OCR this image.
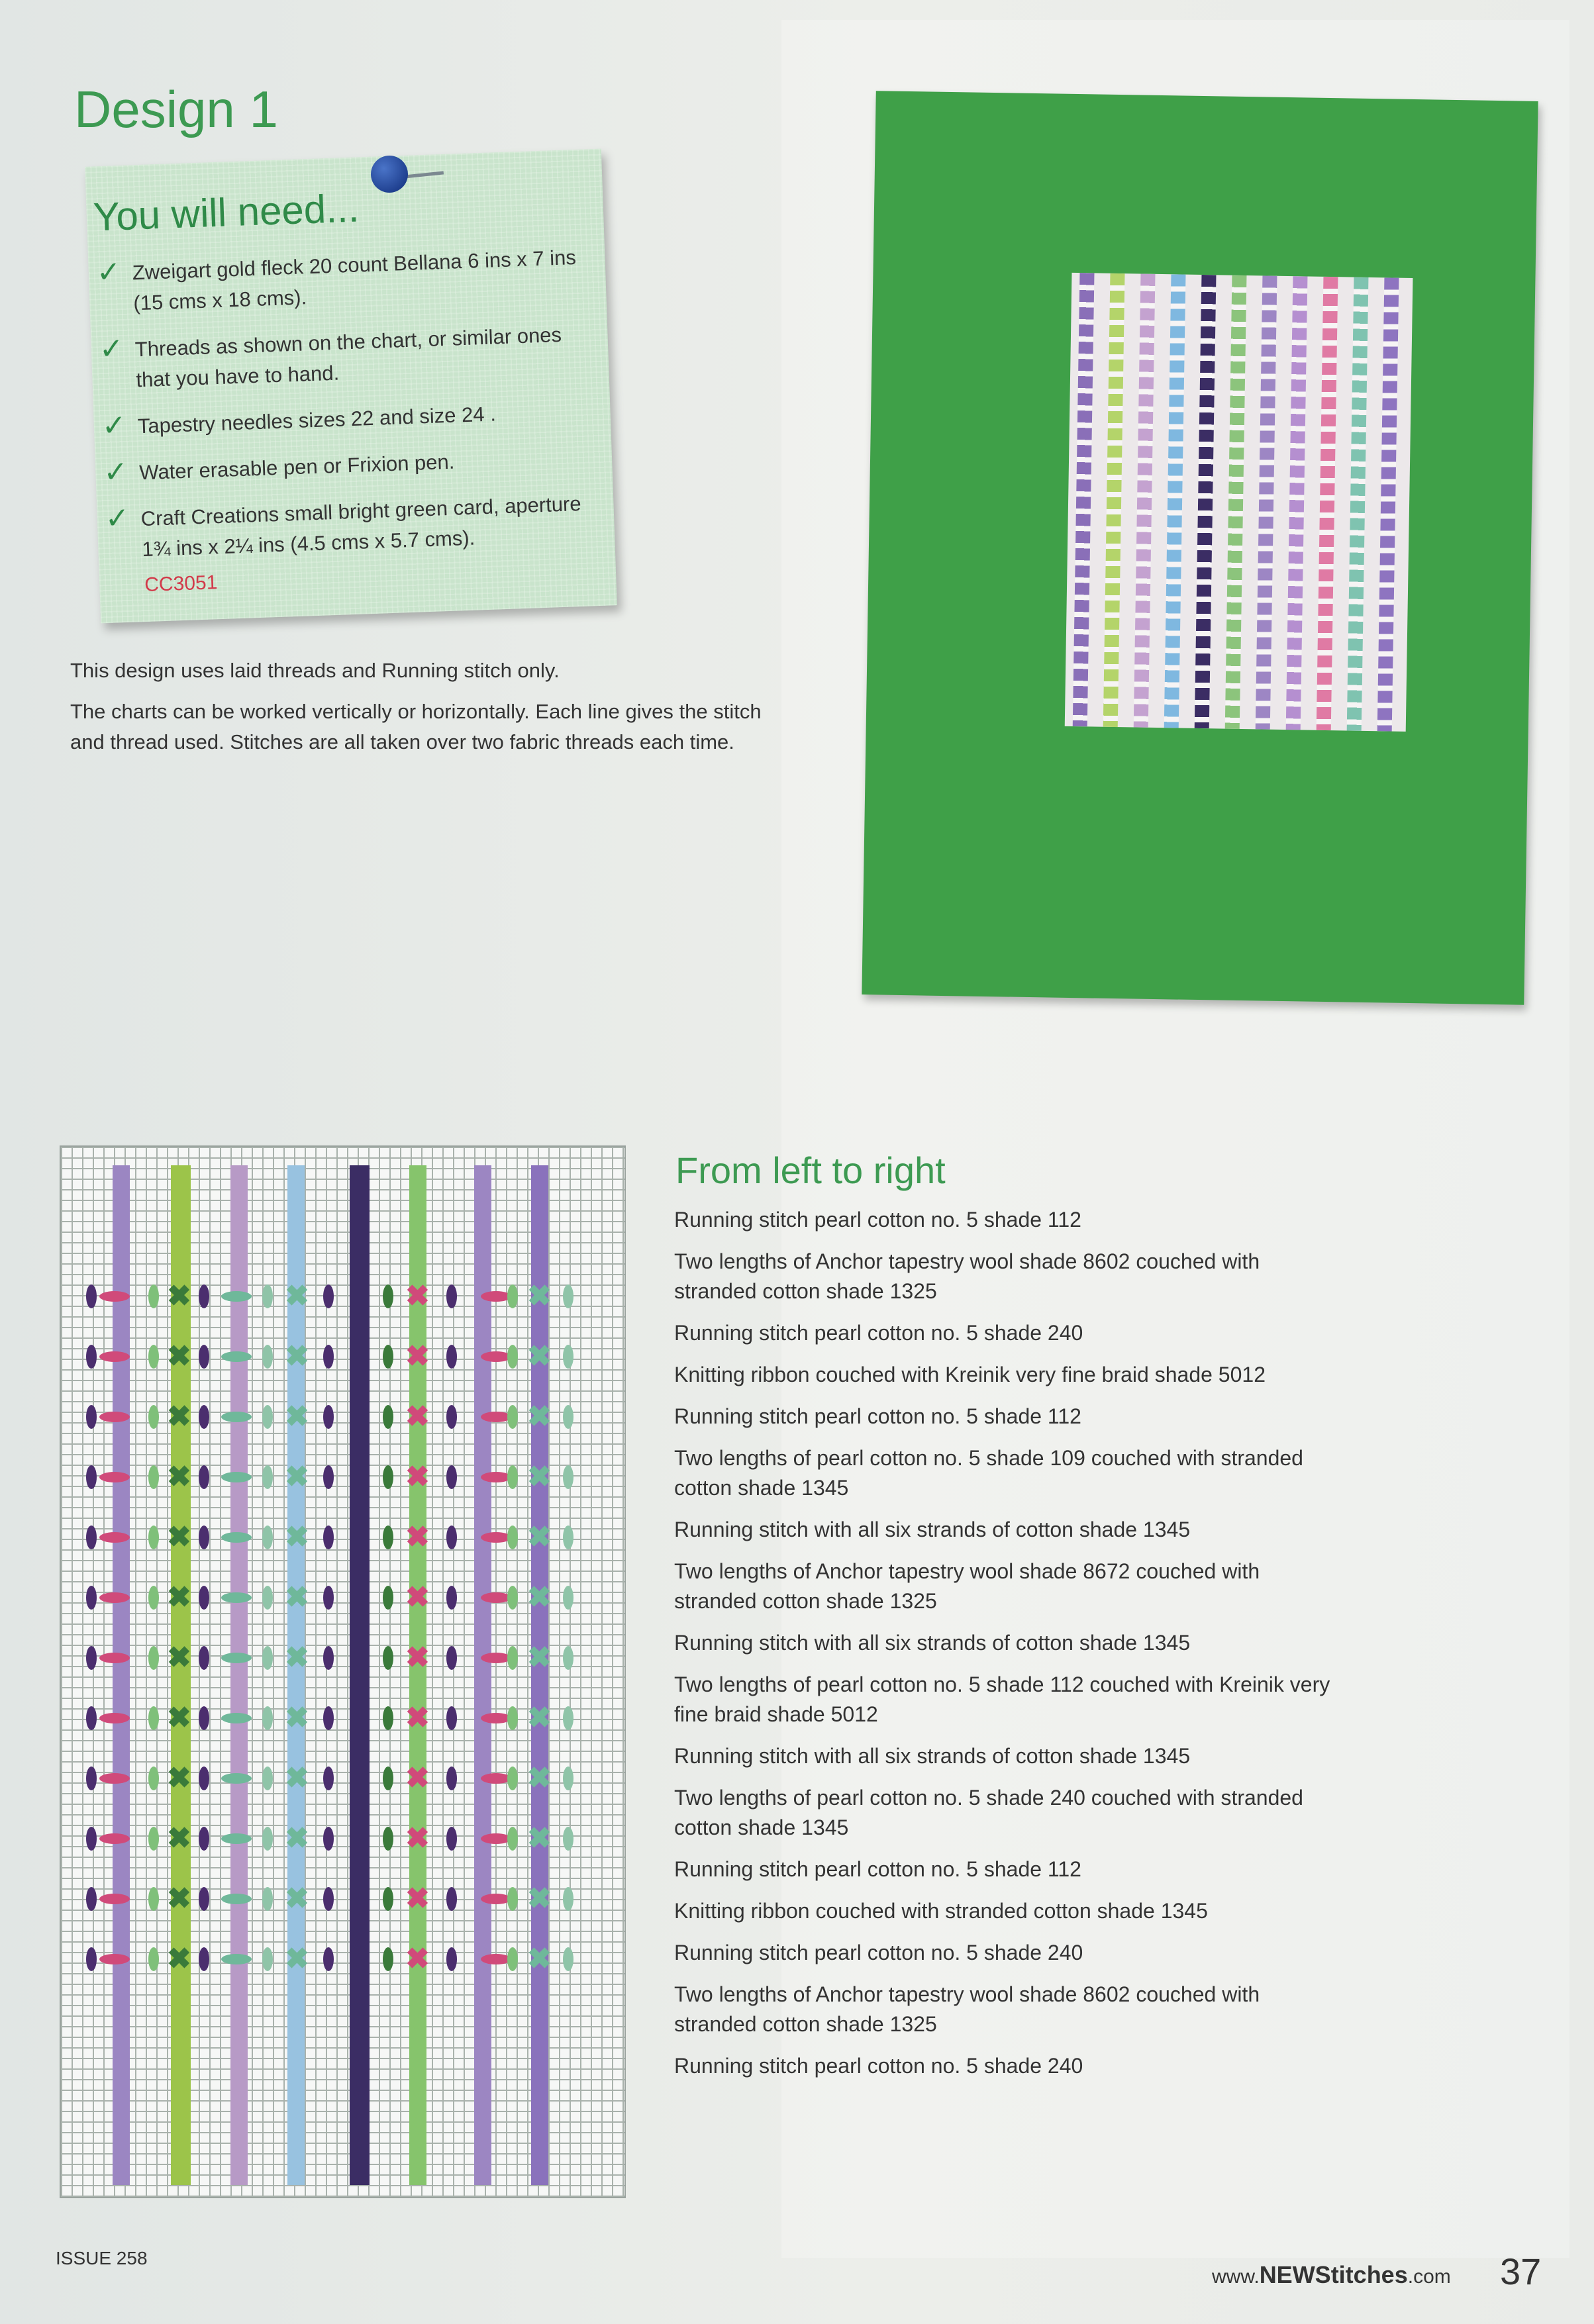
Design 1
You will need...
✓ Zweigart gold fleck 20 count Bellana 6 ins x 7 ins (15 cms x 18 cms).
✓ Threads as shown on the chart, or similar ones that you have to hand.
✓ Tapestry needles sizes 22 and size 24 .
✓ Water erasable pen or Frixion pen.
✓ Craft Creations small bright green card, aperture 1¾ ins x 2¼ ins (4.5 cms x 5.7 cms).
CC3051

This design uses laid threads and Running stitch only.

The charts can be worked vertically or horizontally. Each line gives the stitch and thread used. Stitches are all taken over two fabric threads each time.

✖	✖	✖	✖
✖	✖	✖	✖
✖	✖	✖	✖
✖	✖	✖	✖
✖	✖	✖	✖
✖	✖	✖	✖
✖	✖	✖	✖
✖	✖	✖	✖
✖	✖	✖	✖
✖	✖	✖	✖
✖	✖	✖	✖
✖	✖	✖	✖
From left to right
Running stitch pearl cotton no. 5 shade 112
Two lengths of Anchor tapestry wool shade 8602 couched with stranded cotton shade 1325
Running stitch pearl cotton no. 5 shade 240
Knitting ribbon couched with Kreinik very fine braid shade 5012
Running stitch pearl cotton no. 5 shade 112
Two lengths of pearl cotton no. 5 shade 109 couched with stranded cotton shade 1345
Running stitch with all six strands of cotton shade 1345
Two lengths of Anchor tapestry wool shade 8672 couched with stranded cotton shade 1325
Running stitch with all six strands of cotton shade 1345
Two lengths of pearl cotton no. 5 shade 112 couched with Kreinik very fine braid shade 5012
Running stitch with all six strands of cotton shade 1345
Two lengths of pearl cotton no. 5 shade 240 couched with stranded cotton shade 1345
Running stitch pearl cotton no. 5 shade 112
Knitting ribbon couched with stranded cotton shade 1345
Running stitch pearl cotton no. 5 shade 240
Two lengths of Anchor tapestry wool shade 8602 couched with stranded cotton shade 1325
Running stitch pearl cotton no. 5 shade 240
ISSUE 258
www.NEWStitches.com 37
